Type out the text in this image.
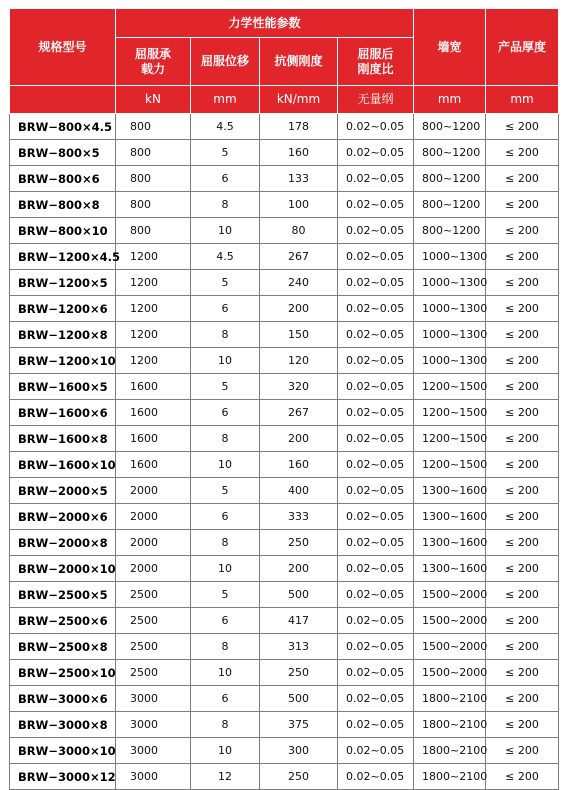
规格型号	力学性能参数				墙宽	产品厚度
	屈服承载力	屈服位移	抗侧刚度	屈服后刚度比		
	kN	mm	kN/mm	无量纲	mm	mm
BRW−800×4.5	800	4.5	178	0.02~0.05	800~1200	≤ 200
BRW−800×5	800	5	160	0.02~0.05	800~1200	≤ 200
BRW−800×6	800	6	133	0.02~0.05	800~1200	≤ 200
BRW−800×8	800	8	100	0.02~0.05	800~1200	≤ 200
BRW−800×10	800	10	80	0.02~0.05	800~1200	≤ 200
BRW−1200×4.5	1200	4.5	267	0.02~0.05	1000~1300	≤ 200
BRW−1200×5	1200	5	240	0.02~0.05	1000~1300	≤ 200
BRW−1200×6	1200	6	200	0.02~0.05	1000~1300	≤ 200
BRW−1200×8	1200	8	150	0.02~0.05	1000~1300	≤ 200
BRW−1200×10	1200	10	120	0.02~0.05	1000~1300	≤ 200
BRW−1600×5	1600	5	320	0.02~0.05	1200~1500	≤ 200
BRW−1600×6	1600	6	267	0.02~0.05	1200~1500	≤ 200
BRW−1600×8	1600	8	200	0.02~0.05	1200~1500	≤ 200
BRW−1600×10	1600	10	160	0.02~0.05	1200~1500	≤ 200
BRW−2000×5	2000	5	400	0.02~0.05	1300~1600	≤ 200
BRW−2000×6	2000	6	333	0.02~0.05	1300~1600	≤ 200
BRW−2000×8	2000	8	250	0.02~0.05	1300~1600	≤ 200
BRW−2000×10	2000	10	200	0.02~0.05	1300~1600	≤ 200
BRW−2500×5	2500	5	500	0.02~0.05	1500~2000	≤ 200
BRW−2500×6	2500	6	417	0.02~0.05	1500~2000	≤ 200
BRW−2500×8	2500	8	313	0.02~0.05	1500~2000	≤ 200
BRW−2500×10	2500	10	250	0.02~0.05	1500~2000	≤ 200
BRW−3000×6	3000	6	500	0.02~0.05	1800~2100	≤ 200
BRW−3000×8	3000	8	375	0.02~0.05	1800~2100	≤ 200
BRW−3000×10	3000	10	300	0.02~0.05	1800~2100	≤ 200
BRW−3000×12	3000	12	250	0.02~0.05	1800~2100	≤ 200
